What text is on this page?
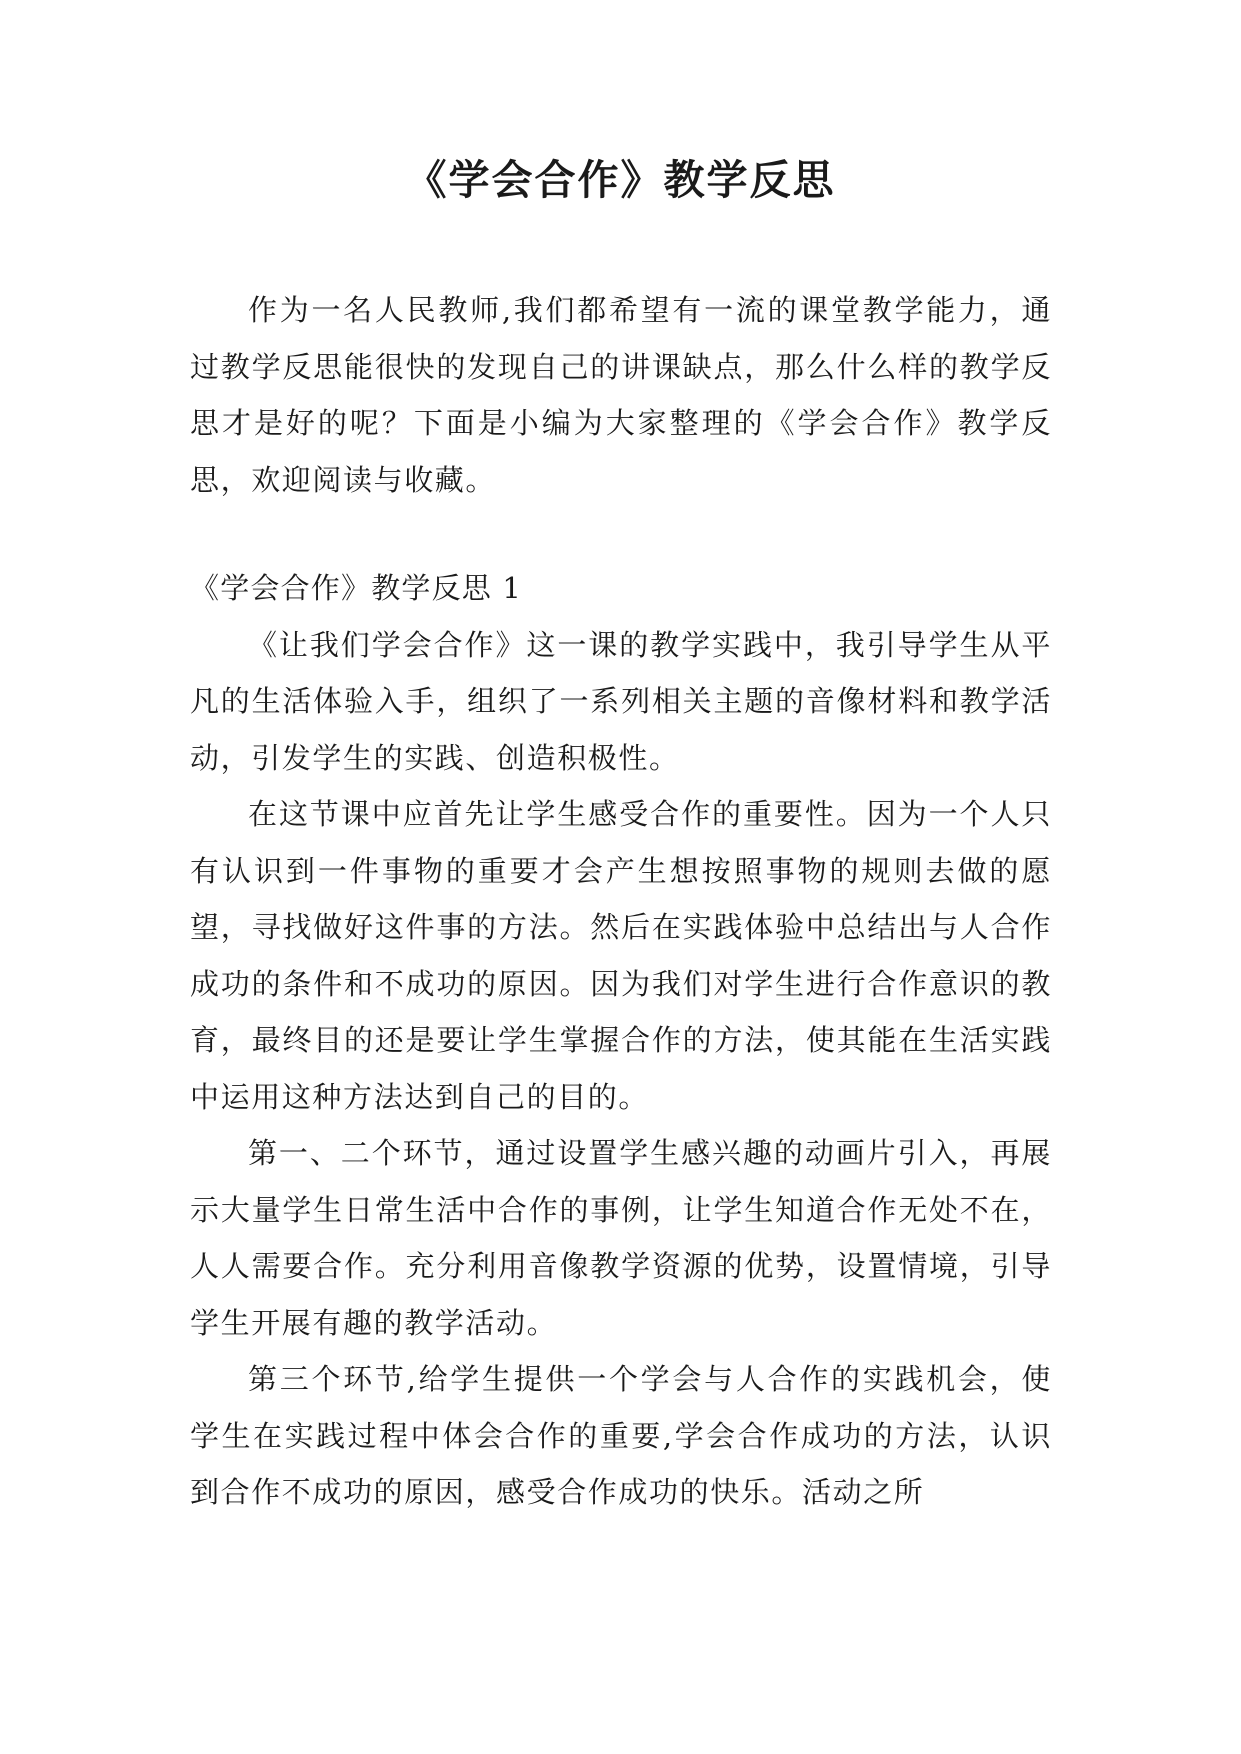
《学会合作》教学反思

作为一名人民教师,我们都希望有一流的课堂教学能力，通过教学反思能很快的发现自己的讲课缺点，那么什么样的教学反思才是好的呢？下面是小编为大家整理的《学会合作》教学反思，欢迎阅读与收藏。

《学会合作》教学反思 1

《让我们学会合作》这一课的教学实践中，我引导学生从平凡的生活体验入手，组织了一系列相关主题的音像材料和教学活动，引发学生的实践、创造积极性。

在这节课中应首先让学生感受合作的重要性。因为一个人只有认识到一件事物的重要才会产生想按照事物的规则去做的愿望，寻找做好这件事的方法。然后在实践体验中总结出与人合作成功的条件和不成功的原因。因为我们对学生进行合作意识的教育，最终目的还是要让学生掌握合作的方法，使其能在生活实践中运用这种方法达到自己的目的。

第一、二个环节，通过设置学生感兴趣的动画片引入，再展示大量学生日常生活中合作的事例，让学生知道合作无处不在，人人需要合作。充分利用音像教学资源的优势，设置情境，引导学生开展有趣的教学活动。

第三个环节,给学生提供一个学会与人合作的实践机会，使学生在实践过程中体会合作的重要,学会合作成功的方法，认识到合作不成功的原因，感受合作成功的快乐。活动之所
